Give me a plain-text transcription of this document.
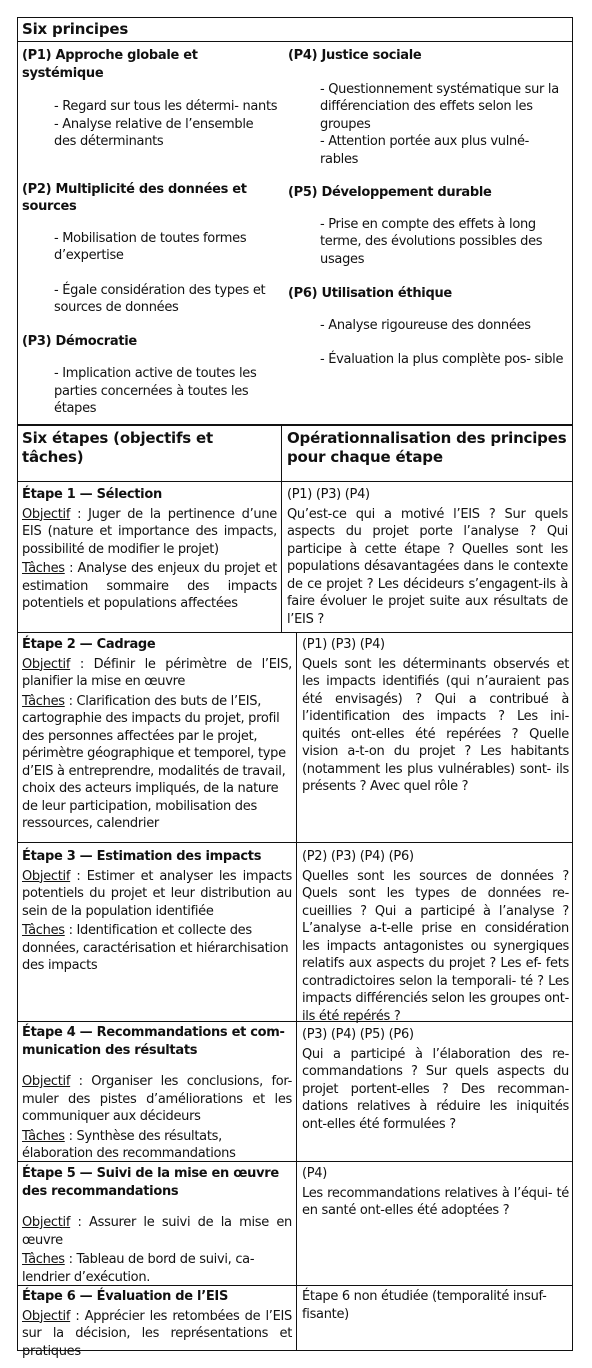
Six principes

(P1) Approche globale et systémique

- Regard sur tous les détermi- nants

- Analyse relative de l’ensemble des déterminants

(P2) Multiplicité des données et sources

- Mobilisation de toutes formes d’expertise

- Égale considération des types et sources de données

(P3) Démocratie

- Implication active de toutes les parties concernées à toutes les étapes

(P4) Justice sociale

- Questionnement systématique sur la différenciation des effets selon les groupes

- Attention portée aux plus vulné- rables

(P5) Développement durable

- Prise en compte des effets à long terme, des évolutions possibles des usages

(P6) Utilisation éthique

- Analyse rigoureuse des données

- Évaluation la plus complète pos- sible

Six étapes (objectifs et tâches)
Opérationnalisation des principes pour chaque étape

Étape 1 — Sélection

Objectif : Juger de la pertinence d’une EIS (nature et importance des impacts, possibilité de modifier le projet)

Tâches : Analyse des enjeux du projet et estimation sommaire des impacts potentiels et populations affectées

(P1) (P3) (P4)

Qu’est-ce qui a motivé l’EIS ? Sur quels aspects du projet porte l’analyse ? Qui participe à cette étape ? Quelles sont les populations désavantagées dans le contexte de ce projet ? Les décideurs s’engagent-ils à faire évoluer le projet suite aux résultats de l’EIS ?

Étape 2 — Cadrage

Objectif : Définir le périmètre de l’EIS, planifier la mise en œuvre

Tâches : Clarification des buts de l’EIS, cartographie des impacts du projet, profil des personnes affectées par le projet, périmètre géographique et temporel, type d’EIS à entreprendre, modalités de travail, choix des acteurs impliqués, de la nature de leur participation, mobilisation des ressources, calendrier

(P1) (P3) (P4)

Quels sont les déterminants observés et les impacts identifiés (qui n’auraient pas été envisagés) ? Qui a contribué à l’identification des impacts ? Les ini- quités ont-elles été repérées ? Quelle vision a-t-on du projet ? Les habitants (notamment les plus vulnérables) sont- ils présents ? Avec quel rôle ?

Étape 3 — Estimation des impacts

Objectif : Estimer et analyser les impacts potentiels du projet et leur distribution au sein de la population identifiée

Tâches : Identification et collecte des données, caractérisation et hiérarchisation des impacts

(P2) (P3) (P4) (P6)

Quelles sont les sources de données ? Quels sont les types de données re- cueillies ? Qui a participé à l’analyse ? L’analyse a-t-elle prise en considération les impacts antagonistes ou synergiques relatifs aux aspects du projet ? Les ef- fets contradictoires selon la temporali- té ? Les impacts différenciés selon les groupes ont-ils été repérés ?

Étape 4 — Recommandations et com- munication des résultats

Objectif : Organiser les conclusions, for- muler des pistes d’améliorations et les communiquer aux décideurs

Tâches : Synthèse des résultats, élaboration des recommandations

(P3) (P4) (P5) (P6)

Qui a participé à l’élaboration des re- commandations ? Sur quels aspects du projet portent-elles ? Des recomman- dations relatives à réduire les iniquités ont-elles été formulées ?

Étape 5 — Suivi de la mise en œuvre des recommandations

Objectif : Assurer le suivi de la mise en œuvre

Tâches : Tableau de bord de suivi, ca- lendrier d’exécution.

(P4)

Les recommandations relatives à l’équi- té en santé ont-elles été adoptées ?

Étape 6 — Évaluation de l’EIS

Objectif : Apprécier les retombées de l’EIS sur la décision, les représentations et pratiques

Étape 6 non étudiée (temporalité insuf- fisante)
